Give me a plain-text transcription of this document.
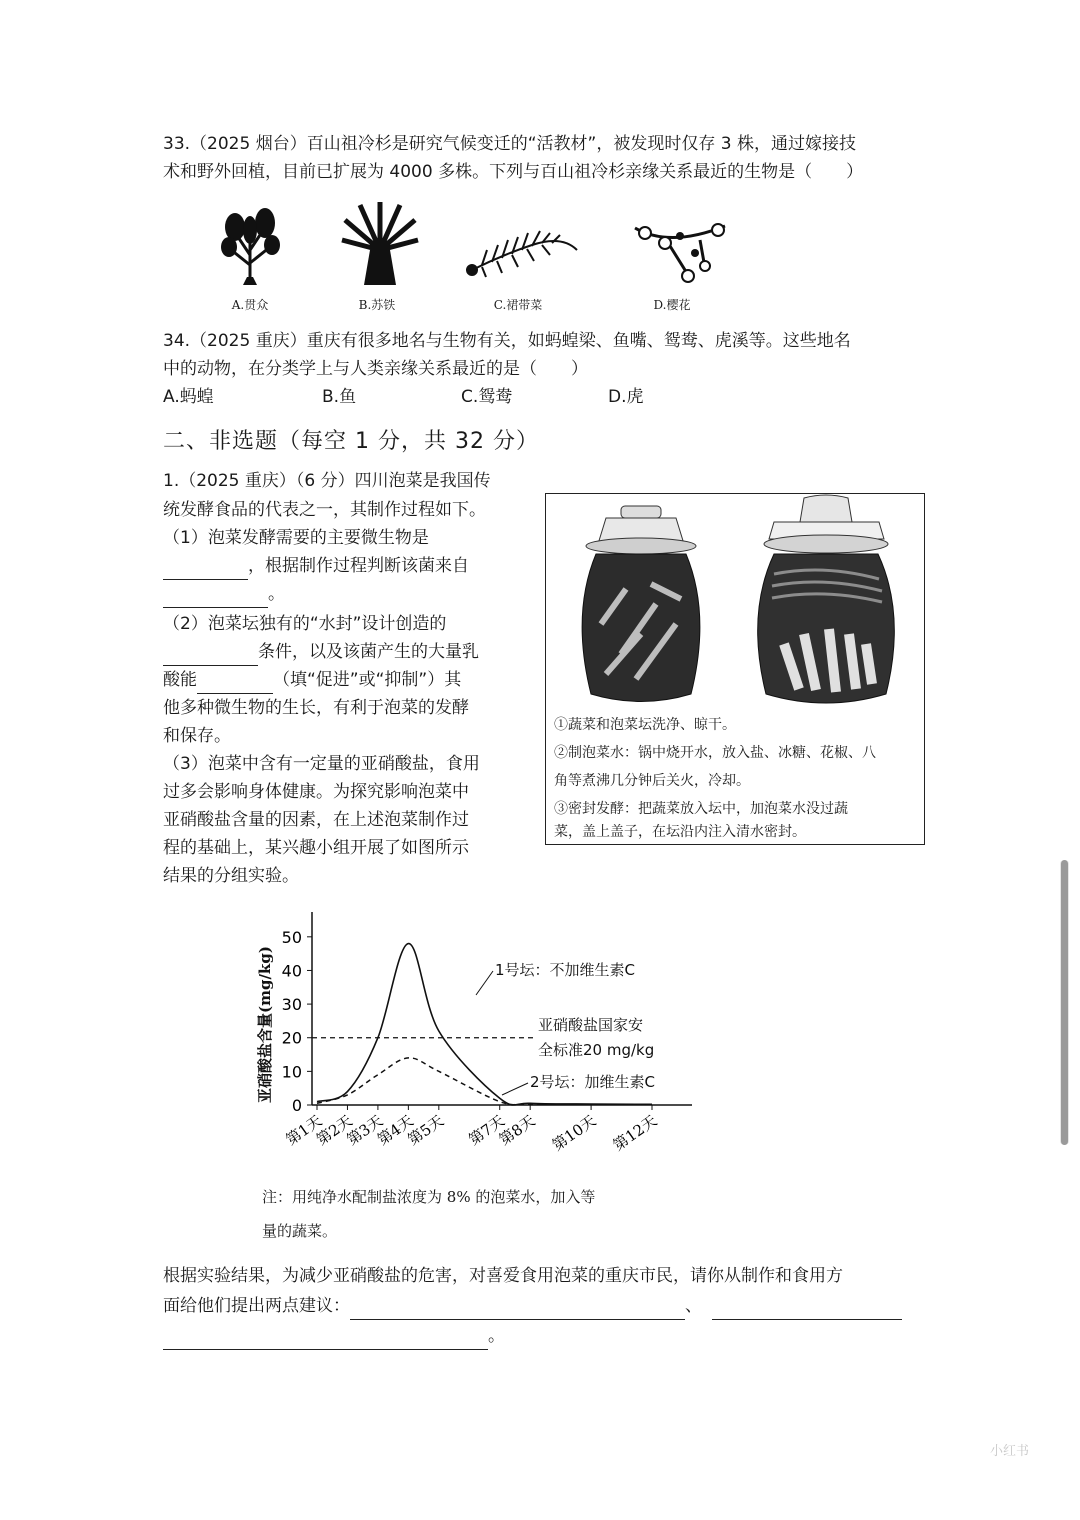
33.（2025 烟台）百山祖冷杉是研究气候变迁的“活教材”，被发现时仅存 3 株，通过嫁接技
术和野外回植，目前已扩展为 4000 多株。下列与百山祖冷杉亲缘关系最近的生物是（　　）
A.贯众	B.苏铁	C.裙带菜	D.樱花
34.（2025 重庆）重庆有很多地名与生物有关，如蚂蝗梁、鱼嘴、鸳鸯、虎溪等。这些地名
中的动物，在分类学上与人类亲缘关系最近的是（　　）
A.蚂蝗	B.鱼	C.鸳鸯	D.虎
二、非选题（每空 1 分，共 32 分）
1.（2025 重庆）（6 分）四川泡菜是我国传
统发酵食品的代表之一，其制作过程如下。
（1）泡菜发酵需要的主要微生物是
，根据制作过程判断该菌来自
。
（2）泡菜坛独有的“水封”设计创造的
条件，以及该菌产生的大量乳
酸能	（填“促进”或“抑制”）其
他多种微生物的生长，有利于泡菜的发酵
和保存。
（3）泡菜中含有一定量的亚硝酸盐，食用
过多会影响身体健康。为探究影响泡菜中
亚硝酸盐含量的因素，在上述泡菜制作过
程的基础上，某兴趣小组开展了如图所示
结果的分组实验。
①蔬菜和泡菜坛洗净、晾干。
②制泡菜水：锅中烧开水，放入盐、冰糖、花椒、八
角等煮沸几分钟后关火，冷却。
③密封发酵：把蔬菜放入坛中，加泡菜水没过蔬
菜，盖上盖子，在坛沿内注入清水密封。
0
10
20
30
40
50
第1天
第2天
第3天
第4天
第5天 第7天
第8天 第10天 第12天
亚硝酸盐含量(mg/kg)	1号坛：不加维生素C
2号坛：加维生素C
亚硝酸盐国家安
全标准20 mg/kg
注：用纯净水配制盐浓度为 8% 的泡菜水，加入等
量的蔬菜。
根据实验结果，为减少亚硝酸盐的危害，对喜爱食用泡菜的重庆市民，请你从制作和食用方
面给他们提出两点建议：	、
。
小红书
